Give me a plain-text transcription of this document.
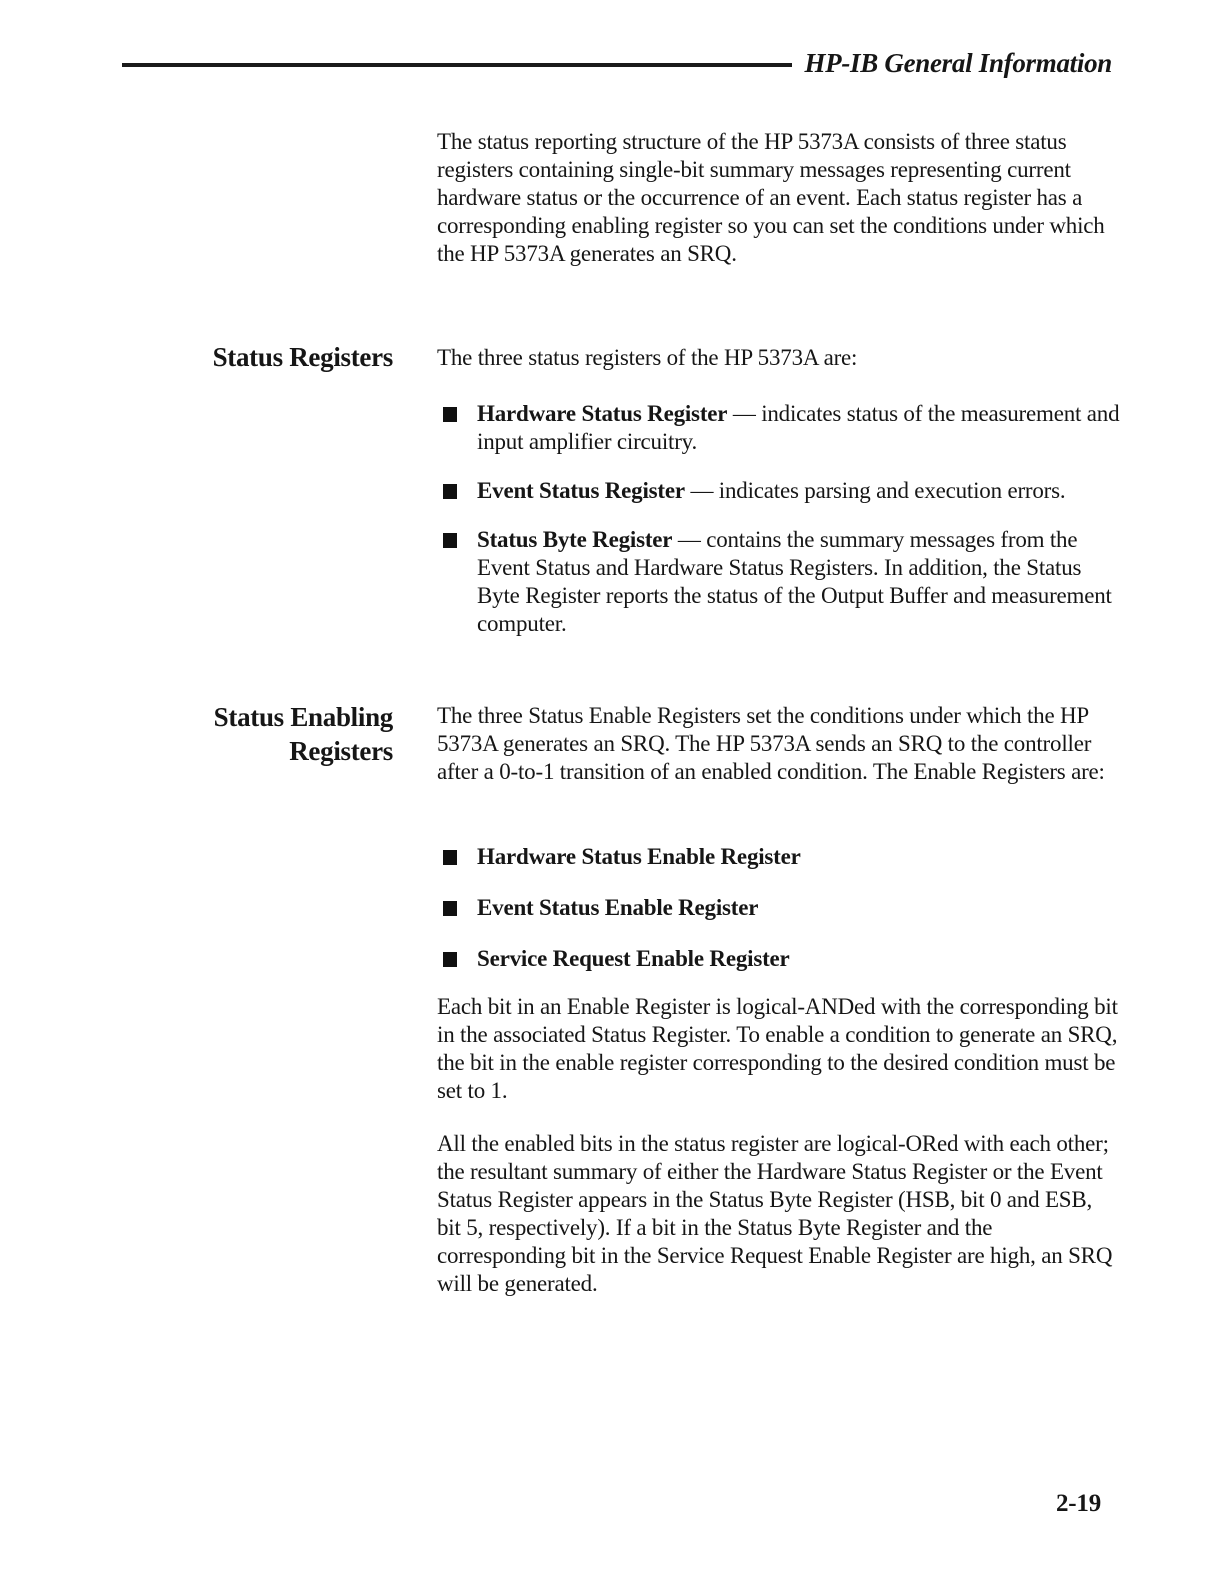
HP-IB General Information

The status reporting structure of the HP 5373A consists of three status registers containing single-bit summary messages representing current hardware status or the occurrence of an event. Each status register has a corresponding enabling register so you can set the conditions under which the HP 5373A generates an SRQ.

Status Registers The three status registers of the HP 5373A are:

Hardware Status Register — indicates status of the measurement and input amplifier circuitry.
Event Status Register — indicates parsing and execution errors.
Status Byte Register — contains the summary messages from the Event Status and Hardware Status Registers. In addition, the Status Byte Register reports the status of the Output Buffer and measurement computer.
Status Enabling
Registers

The three Status Enable Registers set the conditions under which the HP 5373A generates an SRQ. The HP 5373A sends an SRQ to the controller after a 0-to-1 transition of an enabled condition. The Enable Registers are:

Hardware Status Enable Register
Event Status Enable Register
Service Request Enable Register

Each bit in an Enable Register is logical-ANDed with the corresponding bit in the associated Status Register. To enable a condition to generate an SRQ, the bit in the enable register corresponding to the desired condition must be set to 1.

All the enabled bits in the status register are logical-ORed with each other; the resultant summary of either the Hardware Status Register or the Event Status Register appears in the Status Byte Register (HSB, bit 0 and ESB, bit 5, respectively). If a bit in the Status Byte Register and the corresponding bit in the Service Request Enable Register are high, an SRQ will be generated.

2-19
